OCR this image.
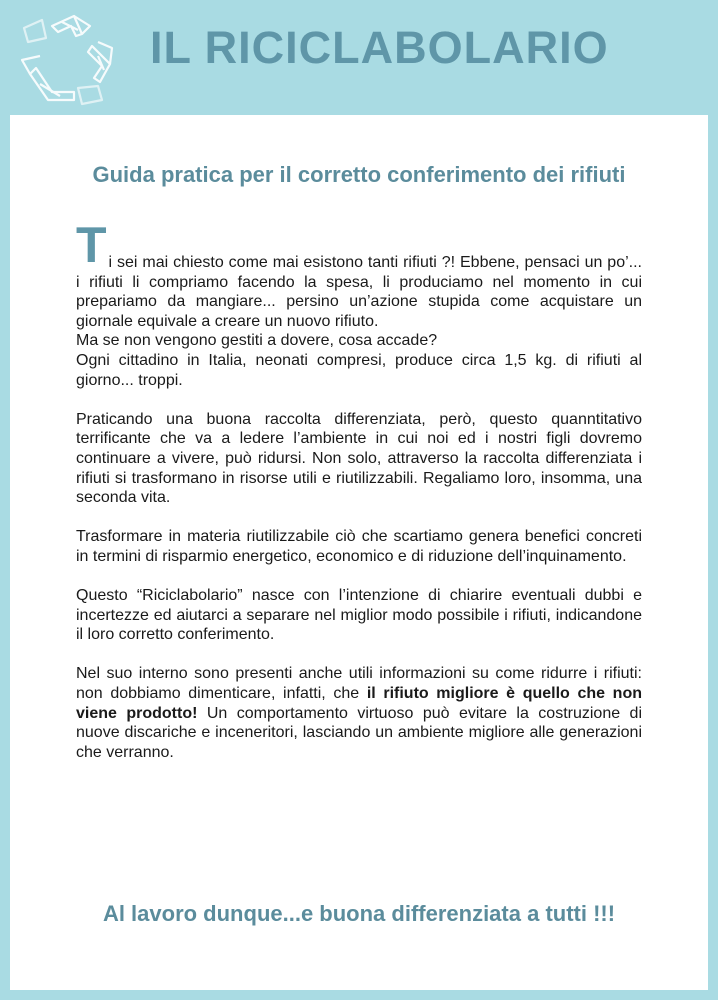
IL RICICLABOLARIO
Guida pratica per il corretto conferimento dei rifiuti

T i sei mai chiesto come mai esistono tanti rifiuti ?! Ebbene, pensaci un po’... i rifiuti li compriamo facendo la spesa, li produciamo nel momento in cui prepariamo da mangiare... persino un’azione stupida come acquistare un giornale equivale a creare un nuovo rifiuto.
Ma se non vengono gestiti a dovere, cosa accade?
Ogni cittadino in Italia, neonati compresi, produce circa 1,5 kg. di rifiuti al giorno... troppi.

Praticando una buona raccolta differenziata, però, questo quanntitativo terrificante che va a ledere l’ambiente in cui noi ed i nostri figli dovremo continuare a vivere, può ridursi. Non solo, attraverso la raccolta differenziata i rifiuti si trasformano in risorse utili e riutilizzabili. Regaliamo loro, insomma, una seconda vita.

Trasformare in materia riutilizzabile ciò che scartiamo genera benefici concreti in termini di risparmio energetico, economico e di riduzione dell’inquinamento.

Questo “Riciclabolario” nasce con l’intenzione di chiarire eventuali dubbi e incertezze ed aiutarci a separare nel miglior modo possibile i rifiuti, indicandone il loro corretto conferimento.

Nel suo interno sono presenti anche utili informazioni su come ridurre i rifiuti: non dobbiamo dimenticare, infatti, che il rifiuto migliore è quello che non viene prodotto! Un comportamento virtuoso può evitare la costruzione di nuove discariche e inceneritori, lasciando un ambiente migliore alle generazioni che verranno.

Al lavoro dunque...e buona differenziata a tutti !!!
